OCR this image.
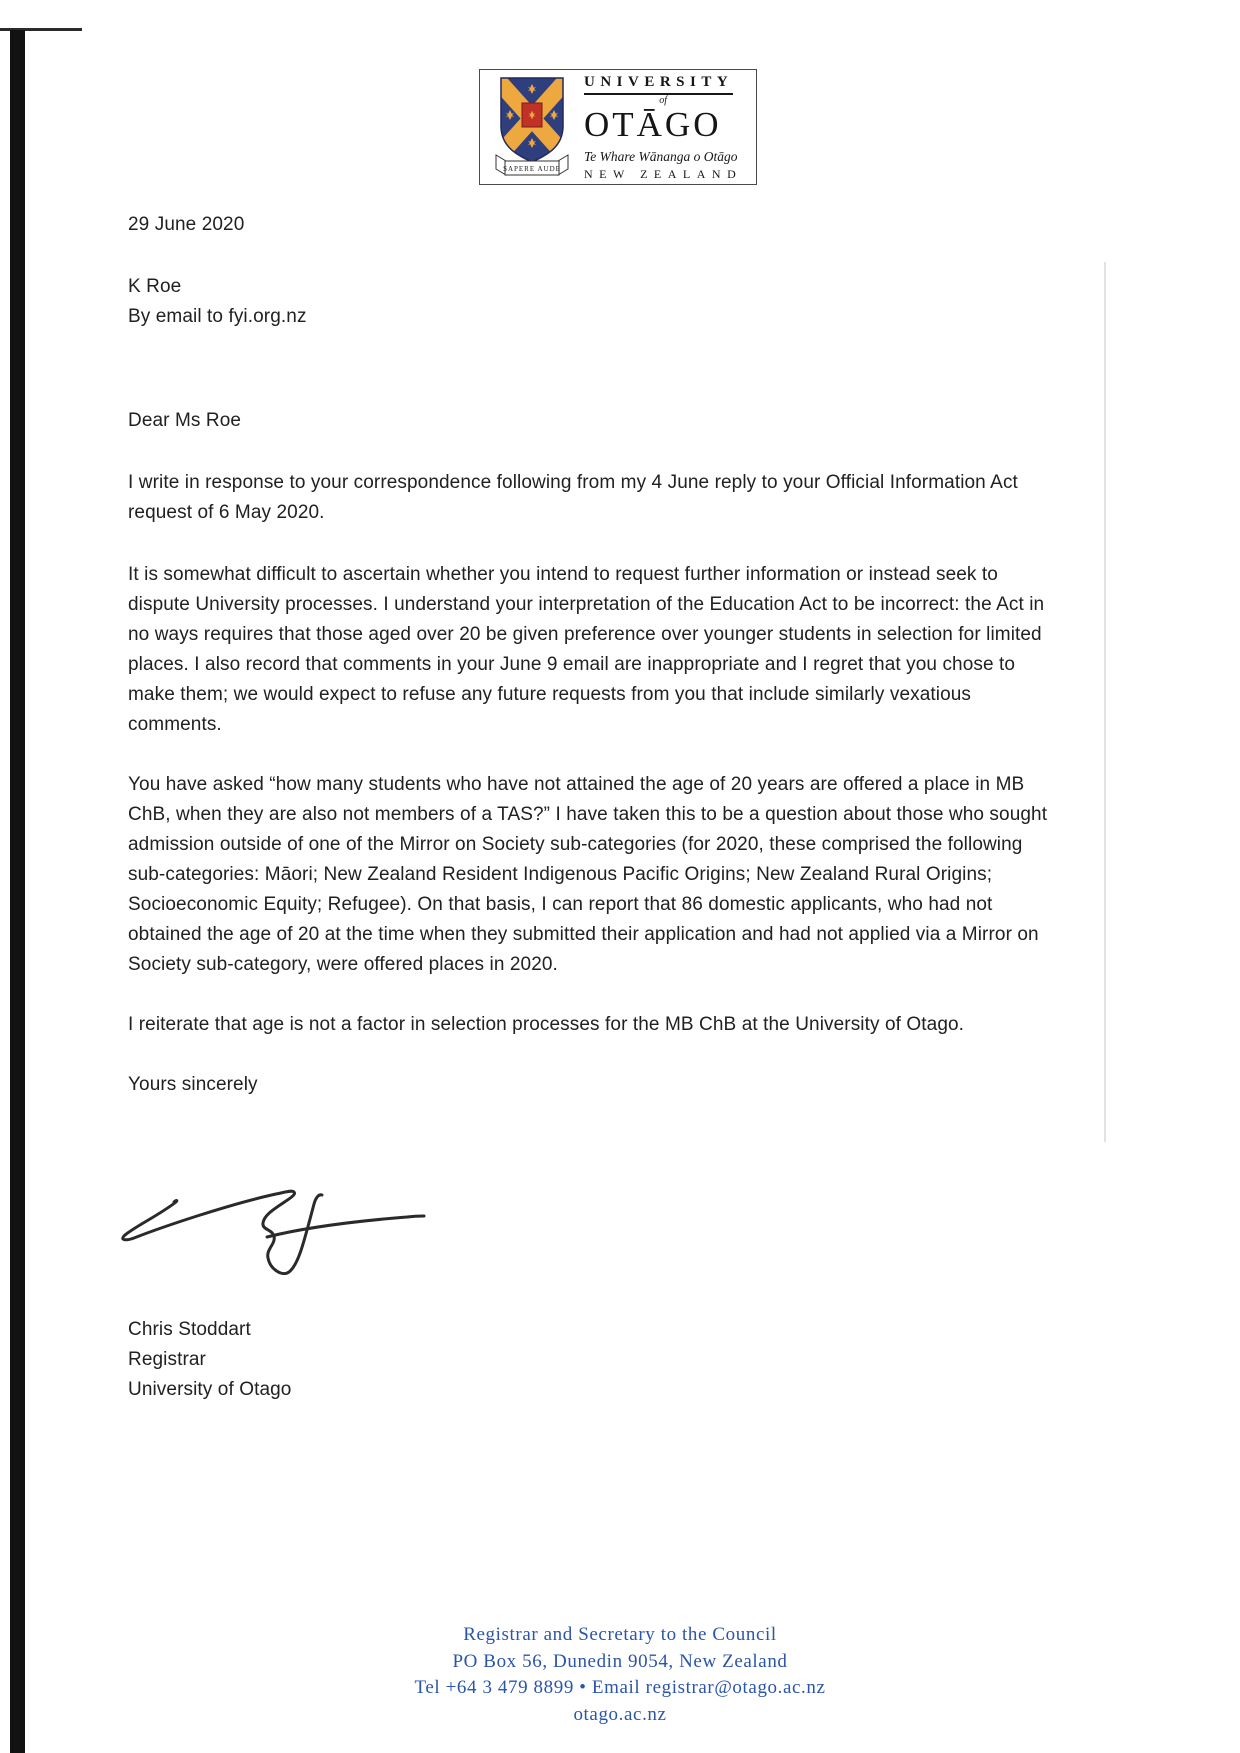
SAPERE AUDE
UNIVERSITY
of
OTĀGO
Te Whare Wānanga o Otāgo
NEW ZEALAND
29 June 2020
K Roe
By email to fyi.org.nz
Dear Ms Roe
I write in response to your correspondence following from my 4 June reply to your Official Information Act request of 6 May 2020.
It is somewhat difficult to ascertain whether you intend to request further information or instead seek to dispute University processes. I understand your interpretation of the Education Act to be incorrect: the Act in no ways requires that those aged over 20 be given preference over younger students in selection for limited places. I also record that comments in your June 9 email are inappropriate and I regret that you chose to make them; we would expect to refuse any future requests from you that include similarly vexatious comments.
You have asked “how many students who have not attained the age of 20 years are offered a place in MB ChB, when they are also not members of a TAS?” I have taken this to be a question about those who sought admission outside of one of the Mirror on Society sub-categories (for 2020, these comprised the following sub-categories: Māori; New Zealand Resident Indigenous Pacific Origins; New Zealand Rural Origins; Socioeconomic Equity; Refugee). On that basis, I can report that 86 domestic applicants, who had not obtained the age of 20 at the time when they submitted their application and had not applied via a Mirror on Society sub-category, were offered places in 2020.
I reiterate that age is not a factor in selection processes for the MB ChB at the University of Otago.
Yours sincerely
Chris Stoddart
Registrar
University of Otago
Registrar and Secretary to the Council
PO Box 56, Dunedin 9054, New Zealand
Tel +64 3 479 8899 • Email registrar@otago.ac.nz
otago.ac.nz
